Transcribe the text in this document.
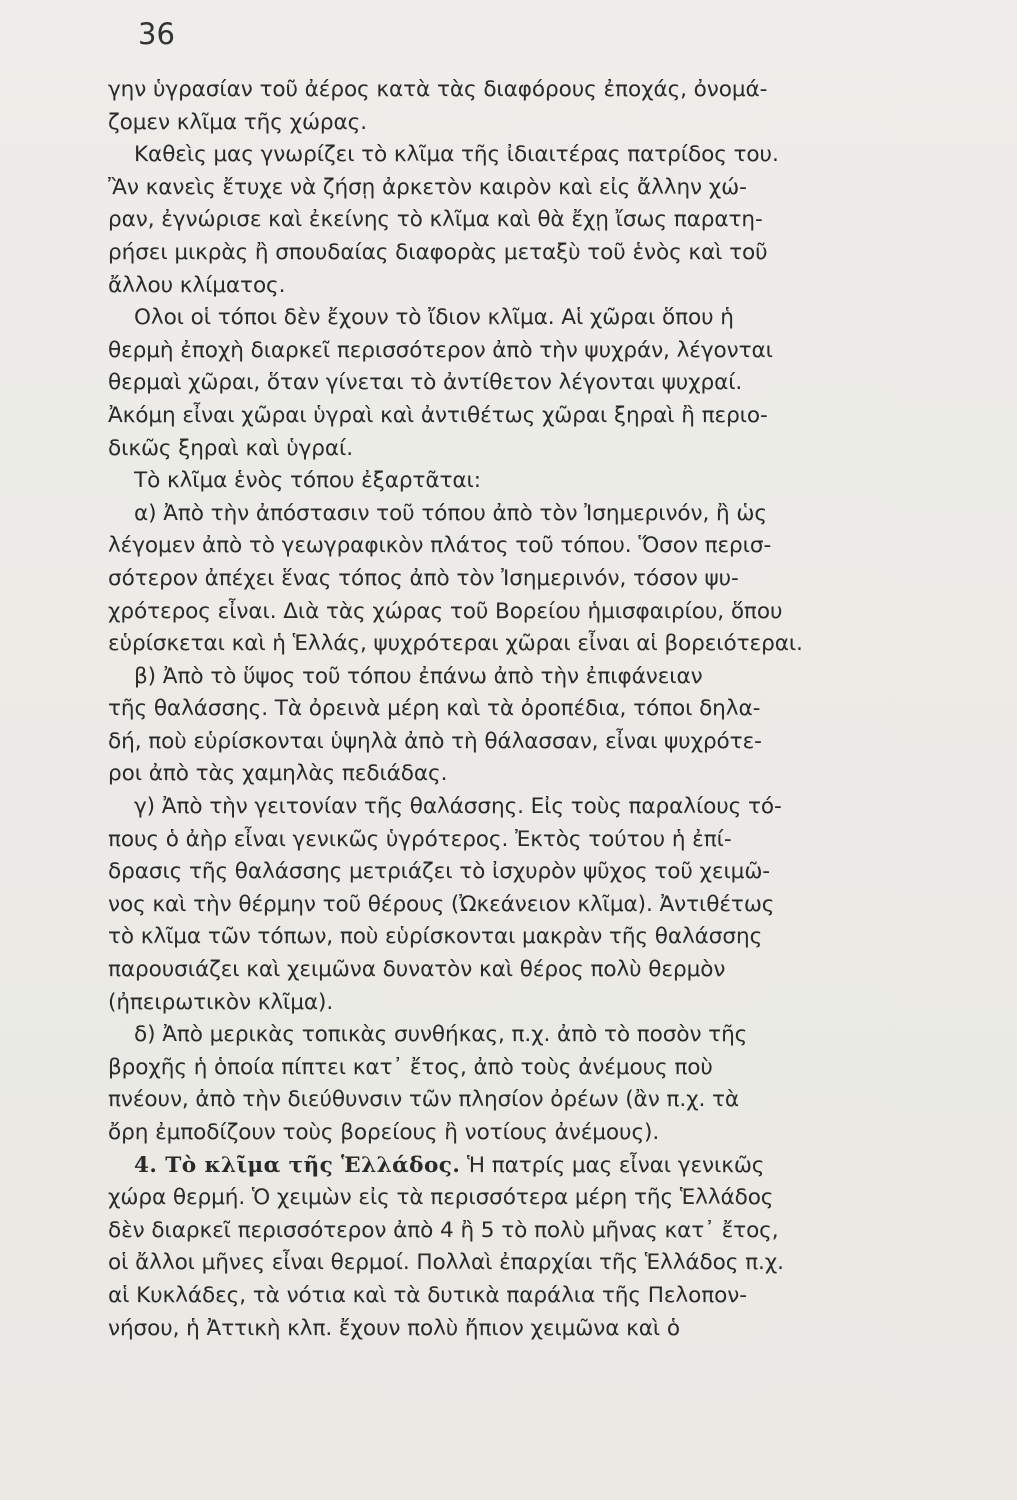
36
γην ὑγρασίαν τοῦ ἀέρος κατὰ τὰς διαφόρους ἐποχάς, ὀνομά-
ζομεν κλῖμα τῆς χώρας.
Καθεὶς μας γνωρίζει τὸ κλῖμα τῆς ἰδιαιτέρας πατρίδος του.
Ἂν κανεὶς ἔτυχε νὰ ζήσῃ ἀρκετὸν καιρὸν καὶ εἰς ἄλλην χώ-
ραν, ἐγνώρισε καὶ ἐκείνης τὸ κλῖμα καὶ θὰ ἔχῃ ἴσως παρατη-
ρήσει μικρὰς ἢ σπουδαίας διαφορὰς μεταξὺ τοῦ ἑνὸς καὶ τοῦ
ἄλλου κλίματος.
Ολοι οἱ τόποι δὲν ἔχουν τὸ ἴδιον κλῖμα. Αἱ χῶραι ὅπου ἡ
θερμὴ ἐποχὴ διαρκεῖ περισσότερον ἀπὸ τὴν ψυχράν, λέγονται
θερμαὶ χῶραι, ὅταν γίνεται τὸ ἀντίθετον λέγονται ψυχραί.
Ἀκόμη εἶναι χῶραι ὑγραὶ καὶ ἀντιθέτως χῶραι ξηραὶ ἢ περιο-
δικῶς ξηραὶ καὶ ὑγραί.
Τὸ κλῖμα ἑνὸς τόπου ἐξαρτᾶται:
α) Ἀπὸ τὴν ἀπόστασιν τοῦ τόπου ἀπὸ τὸν Ἰσημερινόν, ἢ ὡς
λέγομεν ἀπὸ τὸ γεωγραφικὸν πλάτος τοῦ τόπου. Ὅσον περισ-
σότερον ἀπέχει ἕνας τόπος ἀπὸ τὸν Ἰσημερινόν, τόσον ψυ-
χρότερος εἶναι. Διὰ τὰς χώρας τοῦ Βορείου ἡμισφαιρίου, ὅπου
εὑρίσκεται καὶ ἡ Ἑλλάς, ψυχρότεραι χῶραι εἶναι αἱ βορειότεραι.
β) Ἀπὸ τὸ ὕψος τοῦ τόπου ἐπάνω ἀπὸ τὴν ἐπιφάνειαν
τῆς θαλάσσης. Τὰ ὀρεινὰ μέρη καὶ τὰ ὀροπέδια, τόποι δηλα-
δή, ποὺ εὑρίσκονται ὑψηλὰ ἀπὸ τὴ θάλασσαν, εἶναι ψυχρότε-
ροι ἀπὸ τὰς χαμηλὰς πεδιάδας.
γ) Ἀπὸ τὴν γειτονίαν τῆς θαλάσσης. Εἰς τοὺς παραλίους τό-
πους ὁ ἀὴρ εἶναι γενικῶς ὑγρότερος. Ἐκτὸς τούτου ἡ ἐπί-
δρασις τῆς θαλάσσης μετριάζει τὸ ἰσχυρὸν ψῦχος τοῦ χειμῶ-
νος καὶ τὴν θέρμην τοῦ θέρους (Ὠκεάνειον κλῖμα). Ἀντιθέτως
τὸ κλῖμα τῶν τόπων, ποὺ εὑρίσκονται μακρὰν τῆς θαλάσσης
παρουσιάζει καὶ χειμῶνα δυνατὸν καὶ θέρος πολὺ θερμὸν
(ἠπειρωτικὸν κλῖμα).
δ) Ἀπὸ μερικὰς τοπικὰς συνθήκας, π.χ. ἀπὸ τὸ ποσὸν τῆς
βροχῆς ἡ ὁποία πίπτει κατ᾿ ἔτος, ἀπὸ τοὺς ἀνέμους ποὺ
πνέουν, ἀπὸ τὴν διεύθυνσιν τῶν πλησίον ὀρέων (ἂν π.χ. τὰ
ὄρη ἐμποδίζουν τοὺς βορείους ἢ νοτίους ἀνέμους).
4. Τὸ κλῖμα τῆς Ἑλλάδος. Ἡ πατρίς μας εἶναι γενικῶς
χώρα θερμή. Ὁ χειμὼν εἰς τὰ περισσότερα μέρη τῆς Ἑλλάδος
δὲν διαρκεῖ περισσότερον ἀπὸ 4 ἢ 5 τὸ πολὺ μῆνας κατ᾿ ἔτος,
οἱ ἄλλοι μῆνες εἶναι θερμοί. Πολλαὶ ἐπαρχίαι τῆς Ἑλλάδος π.χ.
αἱ Κυκλάδες, τὰ νότια καὶ τὰ δυτικὰ παράλια τῆς Πελοπον-
νήσου, ἡ Ἀττικὴ κλπ. ἔχουν πολὺ ἤπιον χειμῶνα καὶ ὁ
